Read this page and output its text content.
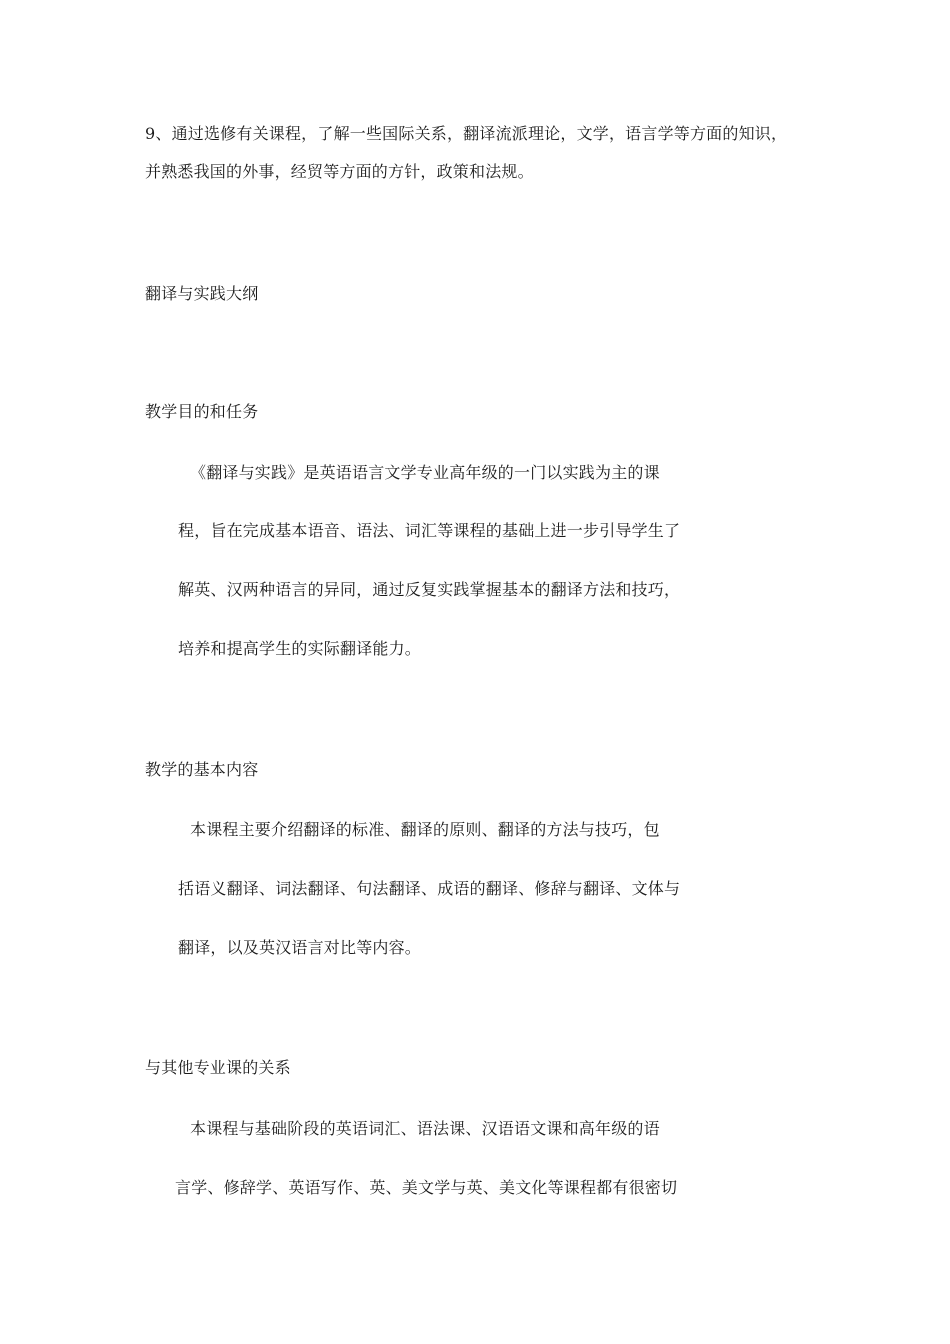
9、通过选修有关课程，了解一些国际关系，翻译流派理论，文学，语言学等方面的知识，
并熟悉我国的外事，经贸等方面的方针，政策和法规。
翻译与实践大纲
教学目的和任务
《翻译与实践》是英语语言文学专业高年级的一门以实践为主的课
程，旨在完成基本语音、语法、词汇等课程的基础上进一步引导学生了
解英、汉两种语言的异同，通过反复实践掌握基本的翻译方法和技巧，
培养和提高学生的实际翻译能力。
教学的基本内容
本课程主要介绍翻译的标准、翻译的原则、翻译的方法与技巧，包
括语义翻译、词法翻译、句法翻译、成语的翻译、修辞与翻译、文体与
翻译，以及英汉语言对比等内容。
与其他专业课的关系
本课程与基础阶段的英语词汇、语法课、汉语语文课和高年级的语
言学、修辞学、英语写作、英、美文学与英、美文化等课程都有很密切
